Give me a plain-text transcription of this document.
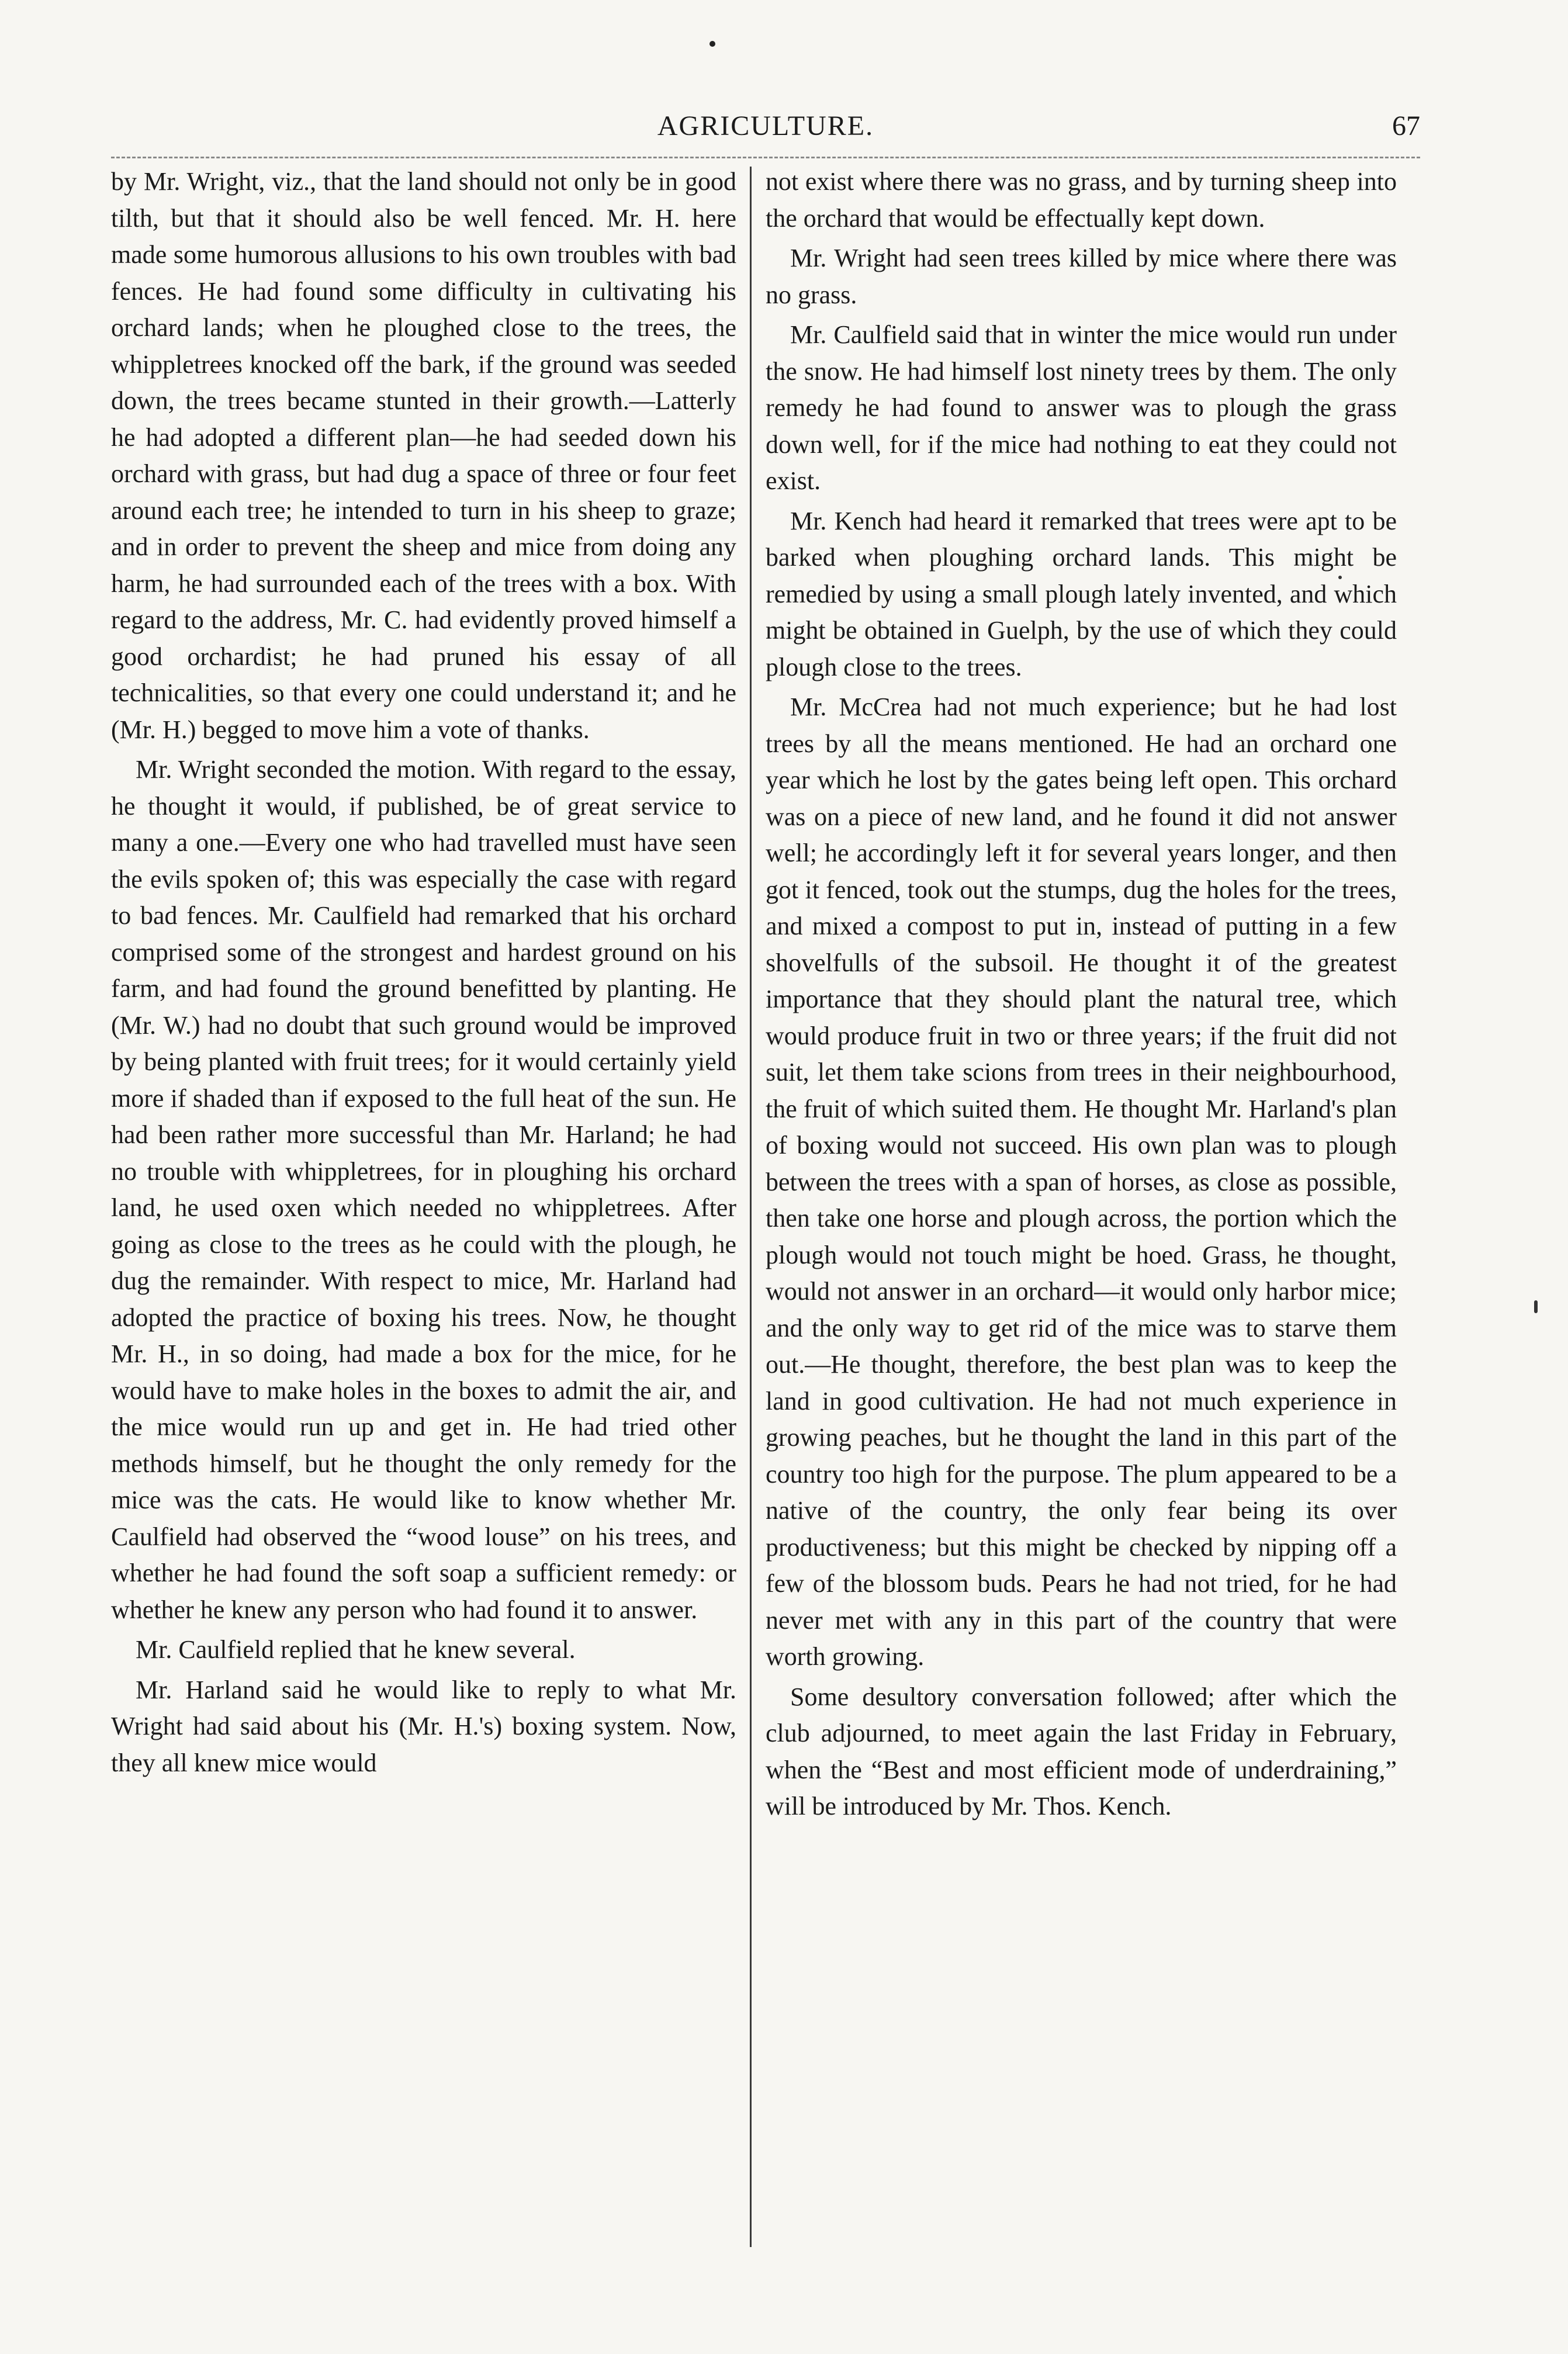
AGRICULTURE.	67

by Mr. Wright, viz., that the land should not only be in good tilth, but that it should also be well fenced. Mr. H. here made some humorous allusions to his own troubles with bad fences. He had found some difficulty in cultivating his orchard lands; when he ploughed close to the trees, the whippletrees knocked off the bark, if the ground was seeded down, the trees became stunted in their growth.—Latterly he had adopted a different plan—he had seeded down his orchard with grass, but had dug a space of three or four feet around each tree; he intended to turn in his sheep to graze; and in order to prevent the sheep and mice from doing any harm, he had surrounded each of the trees with a box. With regard to the address, Mr. C. had evidently proved himself a good orchardist; he had pruned his essay of all technicalities, so that every one could understand it; and he (Mr. H.) begged to move him a vote of thanks.

Mr. Wright seconded the motion. With regard to the essay, he thought it would, if published, be of great service to many a one.—Every one who had travelled must have seen the evils spoken of; this was especially the case with regard to bad fences. Mr. Caulfield had remarked that his orchard comprised some of the strongest and hardest ground on his farm, and had found the ground benefitted by planting. He (Mr. W.) had no doubt that such ground would be improved by being planted with fruit trees; for it would certainly yield more if shaded than if exposed to the full heat of the sun. He had been rather more successful than Mr. Harland; he had no trouble with whippletrees, for in ploughing his orchard land, he used oxen which needed no whippletrees. After going as close to the trees as he could with the plough, he dug the remainder. With respect to mice, Mr. Harland had adopted the practice of boxing his trees. Now, he thought Mr. H., in so doing, had made a box for the mice, for he would have to make holes in the boxes to admit the air, and the mice would run up and get in. He had tried other methods himself, but he thought the only remedy for the mice was the cats. He would like to know whether Mr. Caulfield had observed the “wood louse” on his trees, and whether he had found the soft soap a sufficient remedy: or whether he knew any person who had found it to answer.

Mr. Caulfield replied that he knew several.

Mr. Harland said he would like to reply to what Mr. Wright had said about his (Mr. H.'s) boxing system. Now, they all knew mice would

not exist where there was no grass, and by turning sheep into the orchard that would be effectually kept down.

Mr. Wright had seen trees killed by mice where there was no grass.

Mr. Caulfield said that in winter the mice would run under the snow. He had himself lost ninety trees by them. The only remedy he had found to answer was to plough the grass down well, for if the mice had nothing to eat they could not exist.

Mr. Kench had heard it remarked that trees were apt to be barked when ploughing orchard lands. This might be remedied by using a small plough lately invented, and which might be obtained in Guelph, by the use of which they could plough close to the trees.

Mr. McCrea had not much experience; but he had lost trees by all the means mentioned. He had an orchard one year which he lost by the gates being left open. This orchard was on a piece of new land, and he found it did not answer well; he accordingly left it for several years longer, and then got it fenced, took out the stumps, dug the holes for the trees, and mixed a compost to put in, instead of putting in a few shovelfulls of the subsoil. He thought it of the greatest importance that they should plant the natural tree, which would produce fruit in two or three years; if the fruit did not suit, let them take scions from trees in their neighbourhood, the fruit of which suited them. He thought Mr. Harland's plan of boxing would not succeed. His own plan was to plough between the trees with a span of horses, as close as possible, then take one horse and plough across, the portion which the plough would not touch might be hoed. Grass, he thought, would not answer in an orchard—it would only harbor mice; and the only way to get rid of the mice was to starve them out.—He thought, therefore, the best plan was to keep the land in good cultivation. He had not much experience in growing peaches, but he thought the land in this part of the country too high for the purpose. The plum appeared to be a native of the country, the only fear being its over productiveness; but this might be checked by nipping off a few of the blossom buds. Pears he had not tried, for he had never met with any in this part of the country that were worth growing.

Some desultory conversation followed; after which the club adjourned, to meet again the last Friday in February, when the “Best and most efficient mode of underdraining,” will be introduced by Mr. Thos. Kench.
